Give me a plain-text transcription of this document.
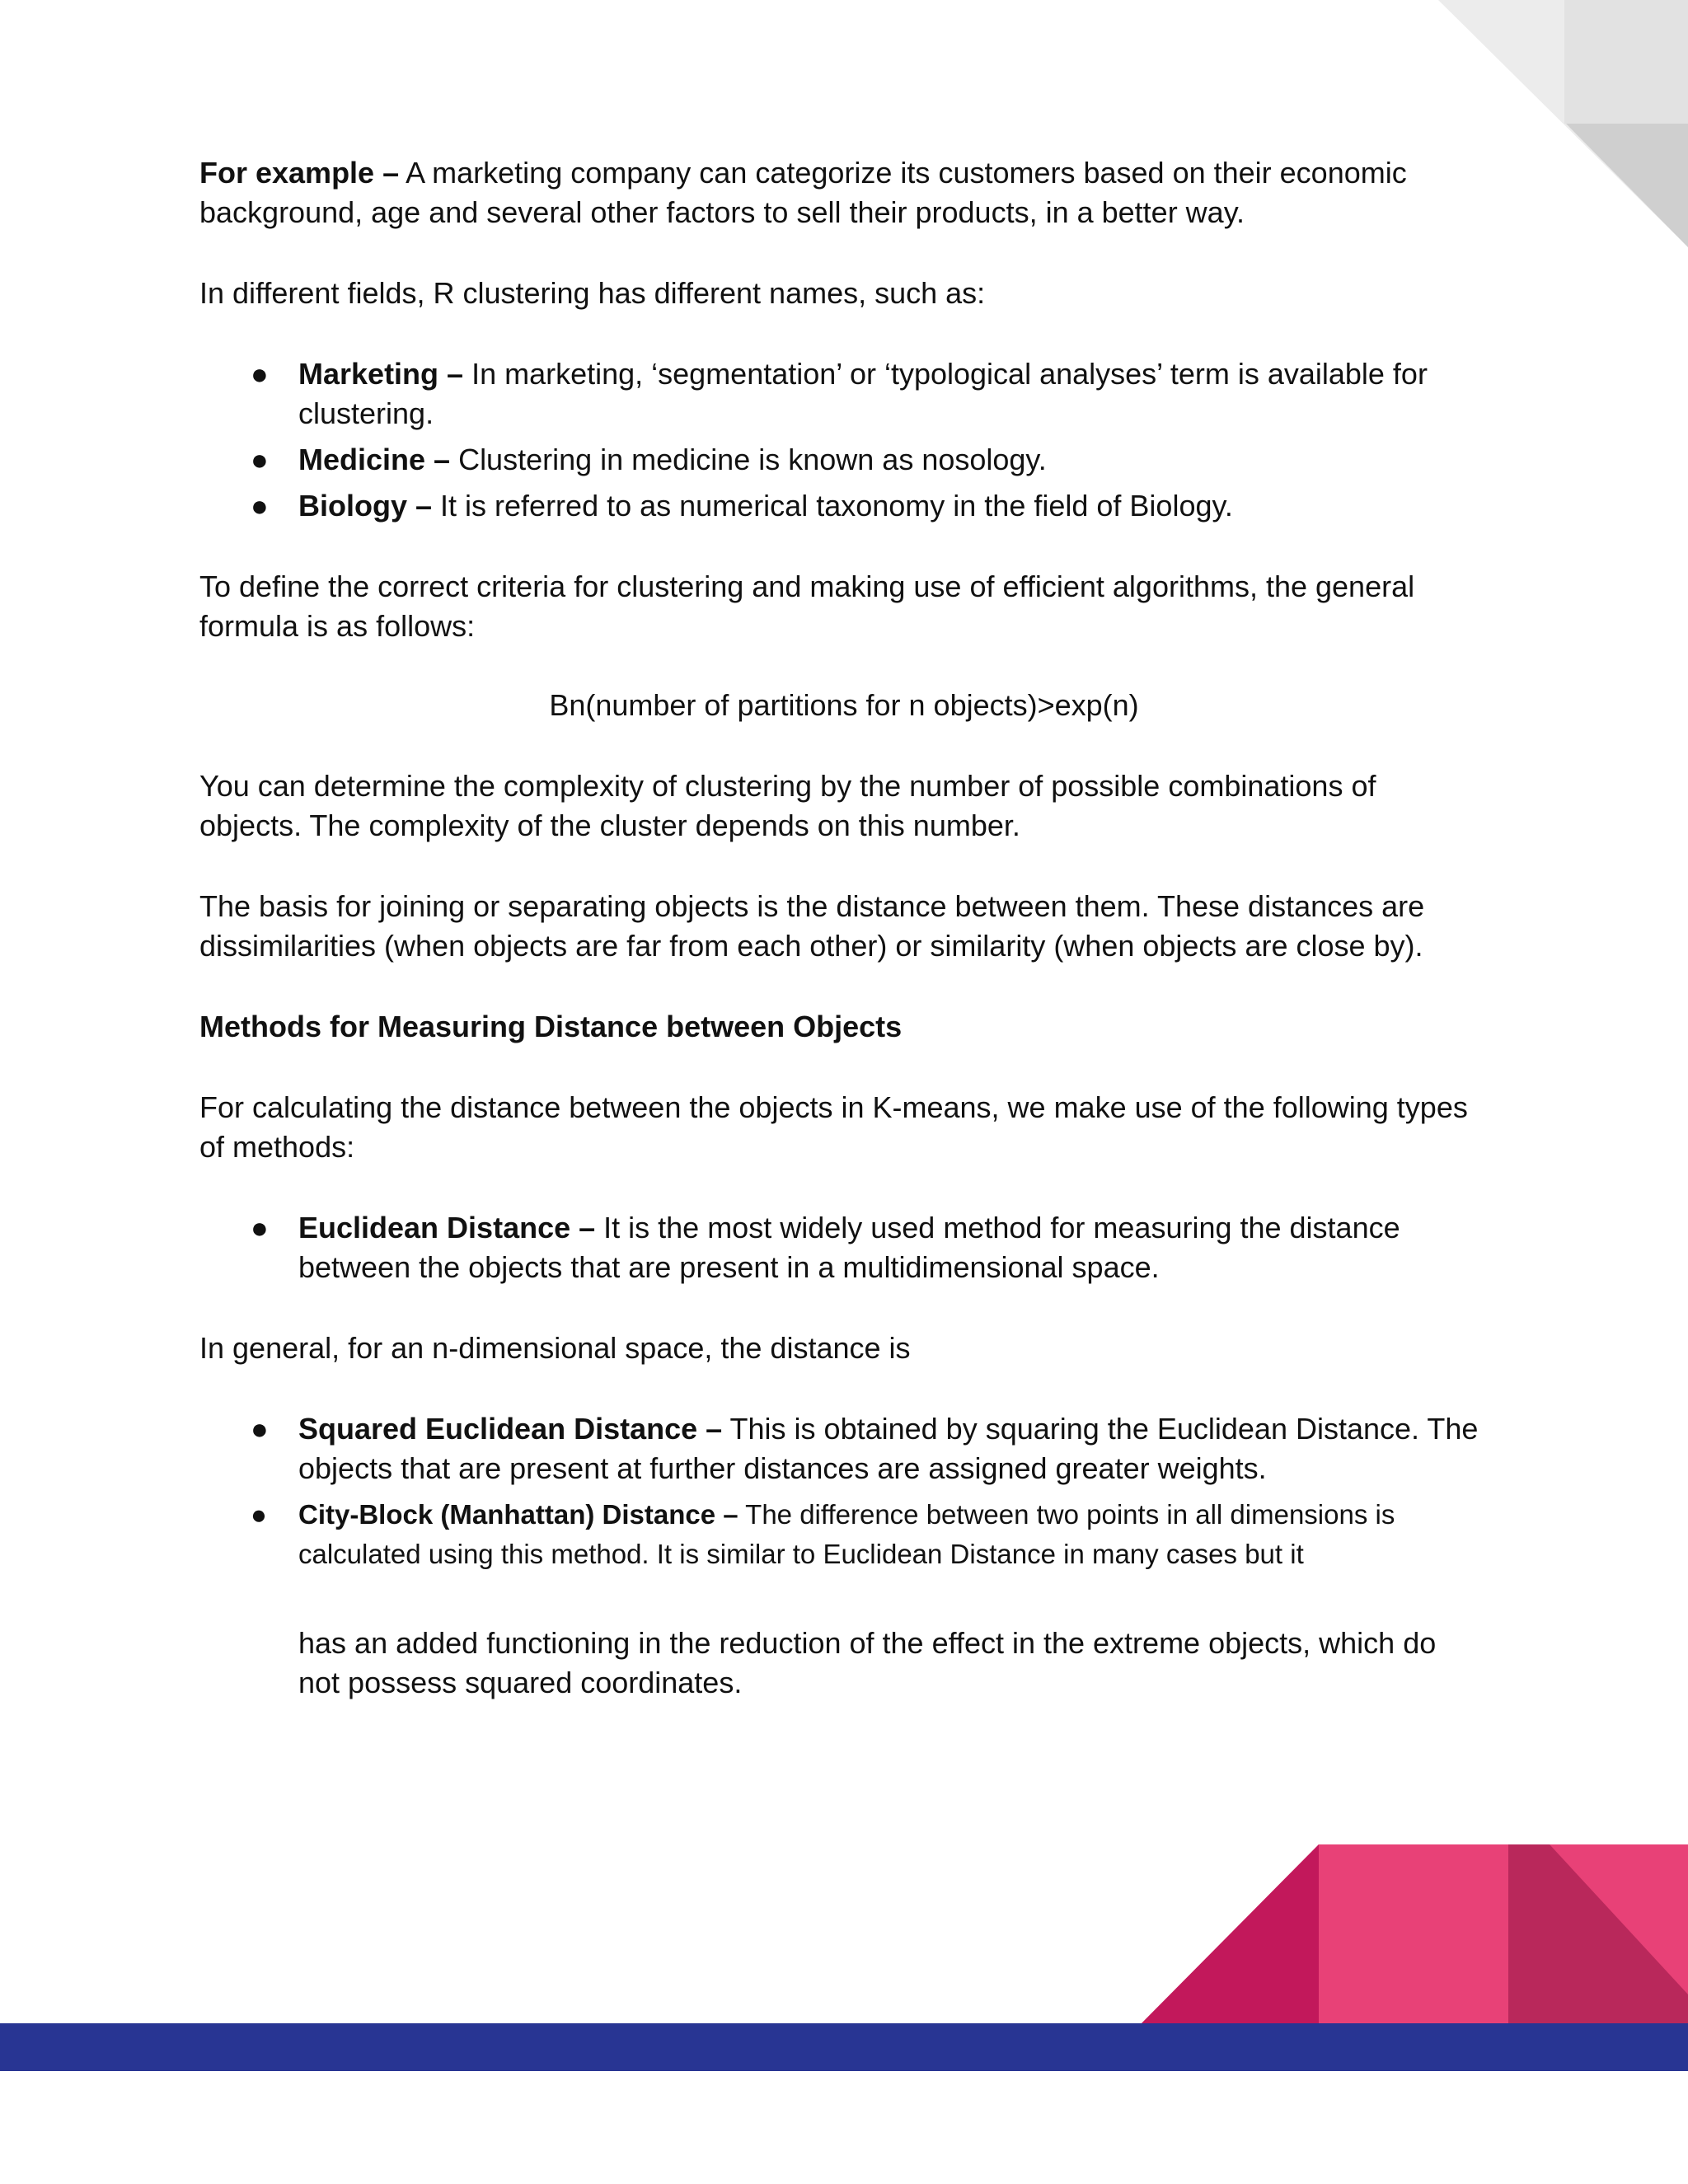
For example – A marketing company can categorize its customers based on their economic background, age and several other factors to sell their products, in a better way.

In different fields, R clustering has different names, such as:

● Marketing – In marketing, ‘segmentation’ or ‘typological analyses’ term is available for clustering.
● Medicine – Clustering in medicine is known as nosology.
● Biology – It is referred to as numerical taxonomy in the field of Biology.

To define the correct criteria for clustering and making use of efficient algorithms, the general formula is as follows:

Bn(number of partitions for n objects)>exp(n)

You can determine the complexity of clustering by the number of possible combinations of objects. The complexity of the cluster depends on this number.

The basis for joining or separating objects is the distance between them. These distances are dissimilarities (when objects are far from each other) or similarity (when objects are close by).

Methods for Measuring Distance between Objects

For calculating the distance between the objects in K-means, we make use of the following types of methods:

● Euclidean Distance – It is the most widely used method for measuring the distance between the objects that are present in a multidimensional space.

In general, for an n-dimensional space, the distance is

● Squared Euclidean Distance – This is obtained by squaring the Euclidean Distance. The objects that are present at further distances are assigned greater weights.
● City-Block (Manhattan) Distance – The difference between two points in all dimensions is calculated using this method. It is similar to Euclidean Distance in many cases but it

has an added functioning in the reduction of the effect in the extreme objects, which do not possess squared coordinates.
